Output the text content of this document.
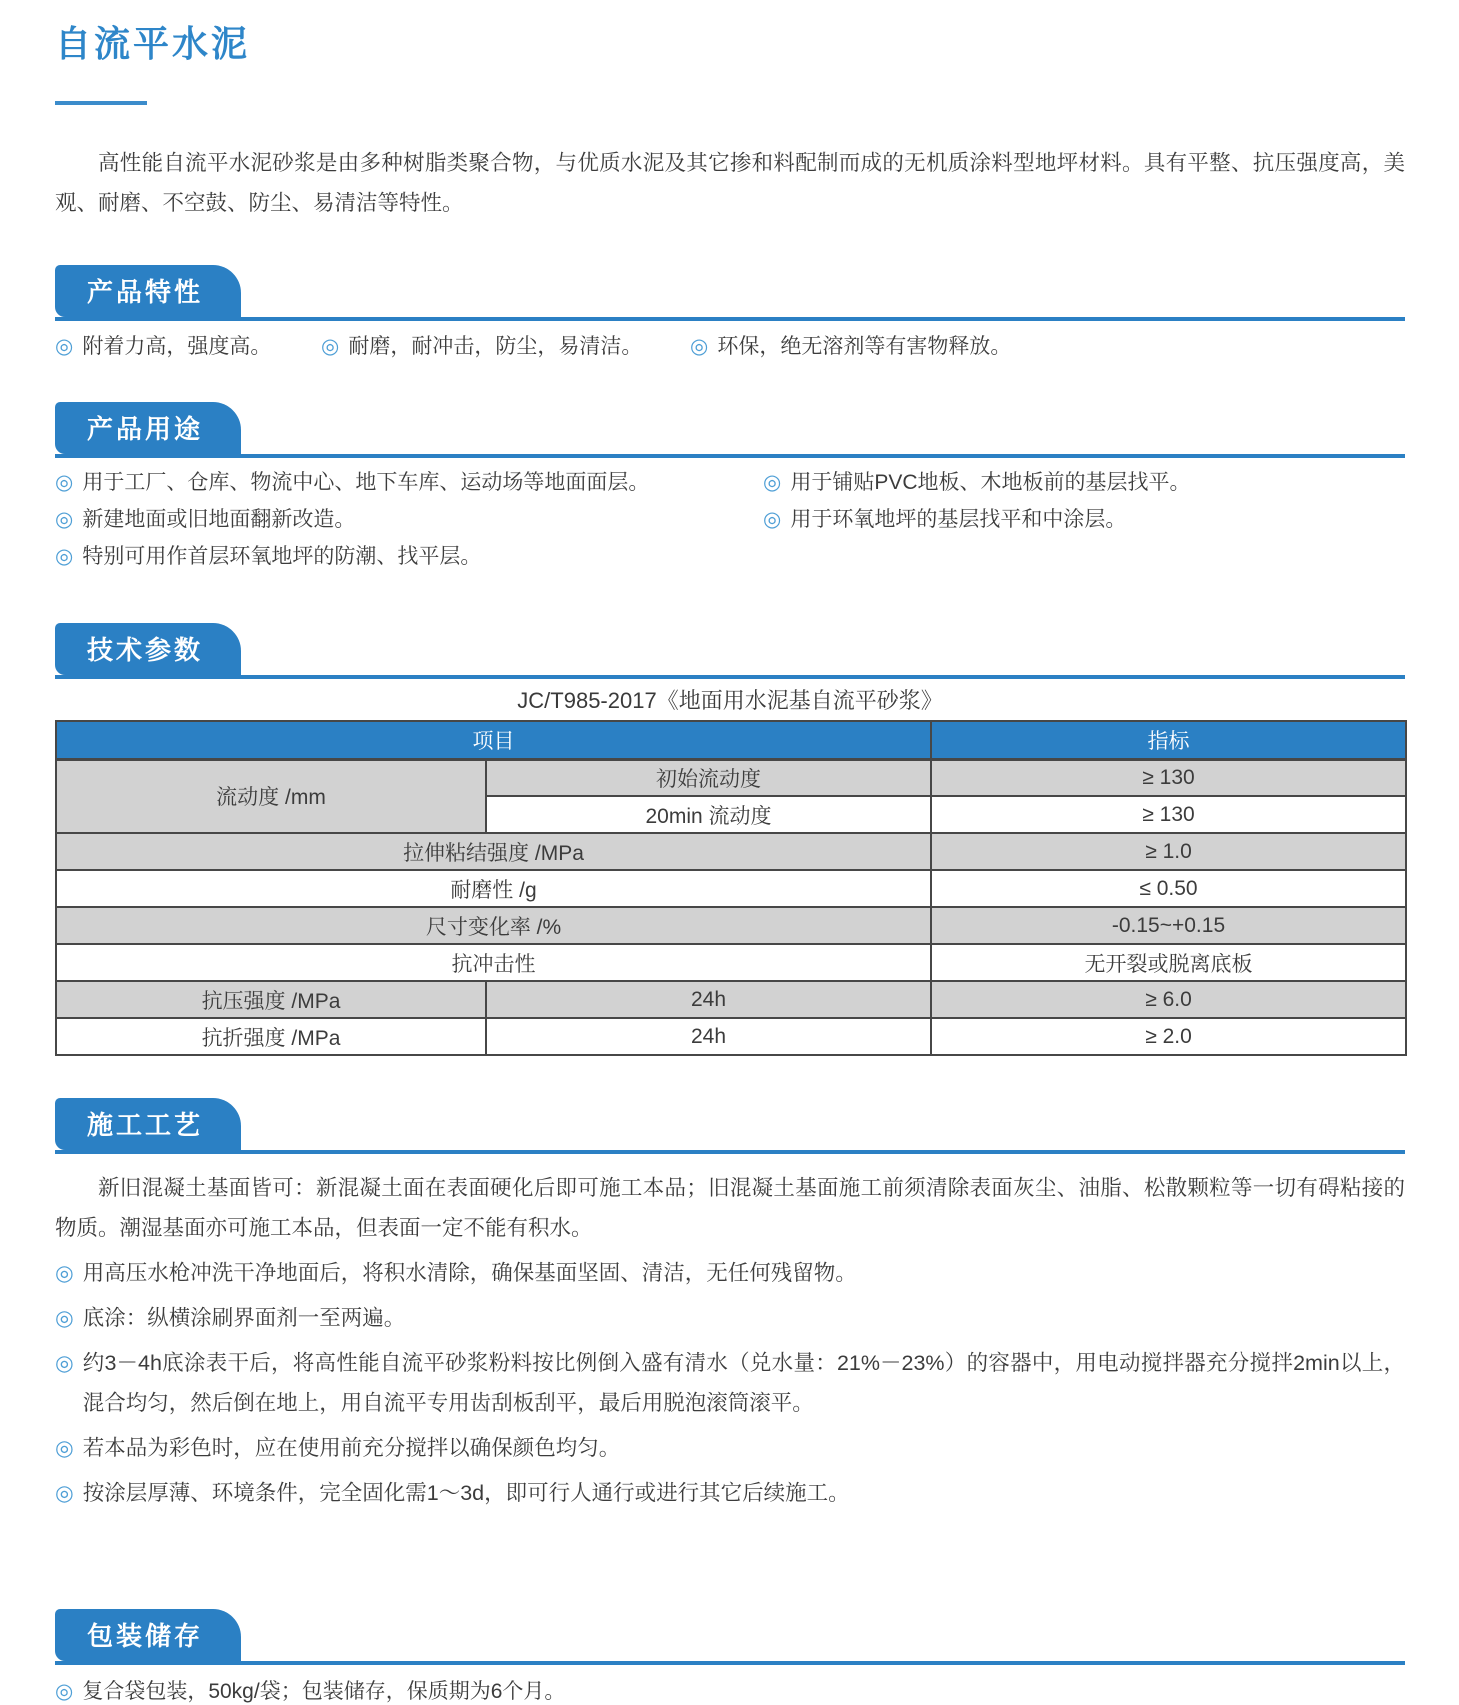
自流平水泥

高性能自流平水泥砂浆是由多种树脂类聚合物，与优质水泥及其它掺和料配制而成的无机质涂料型地坪材料。具有平整、抗压强度高，美观、耐磨、不空鼓、防尘、易清洁等特性。

产品特性
◎ 附着力高，强度高。 ◎ 耐磨，耐冲击，防尘，易清洁。 ◎ 环保，绝无溶剂等有害物释放。
产品用途
◎ 用于工厂、仓库、物流中心、地下车库、运动场等地面面层。
◎ 新建地面或旧地面翻新改造。
◎ 特别可用作首层环氧地坪的防潮、找平层。
◎ 用于铺贴PVC地板、木地板前的基层找平。
◎ 用于环氧地坪的基层找平和中涂层。
技术参数
JC/T985-2017《地面用水泥基自流平砂浆》
项目		指标
流动度 /mm	初始流动度	≥ 130
	20min 流动度	≥ 130
拉伸粘结强度 /MPa		≥ 1.0
耐磨性 /g		≤ 0.50
尺寸变化率 /%		-0.15~+0.15
抗冲击性		无开裂或脱离底板
抗压强度 /MPa	24h	≥ 6.0
抗折强度 /MPa	24h	≥ 2.0
施工工艺

新旧混凝土基面皆可：新混凝土面在表面硬化后即可施工本品；旧混凝土基面施工前须清除表面灰尘、油脂、松散颗粒等一切有碍粘接的物质。潮湿基面亦可施工本品，但表面一定不能有积水。

◎ 用高压水枪冲洗干净地面后，将积水清除，确保基面坚固、清洁，无任何残留物。
◎ 底涂：纵横涂刷界面剂一至两遍。
◎ 约3－4h底涂表干后，将高性能自流平砂浆粉料按比例倒入盛有清水（兑水量：21%－23%）的容器中，用电动搅拌器充分搅拌2min以上，混合均匀，然后倒在地上，用自流平专用齿刮板刮平，最后用脱泡滚筒滚平。
◎ 若本品为彩色时，应在使用前充分搅拌以确保颜色均匀。
◎ 按涂层厚薄、环境条件，完全固化需1～3d，即可行人通行或进行其它后续施工。
包装储存
◎ 复合袋包装，50kg/袋；包装储存，保质期为6个月。
